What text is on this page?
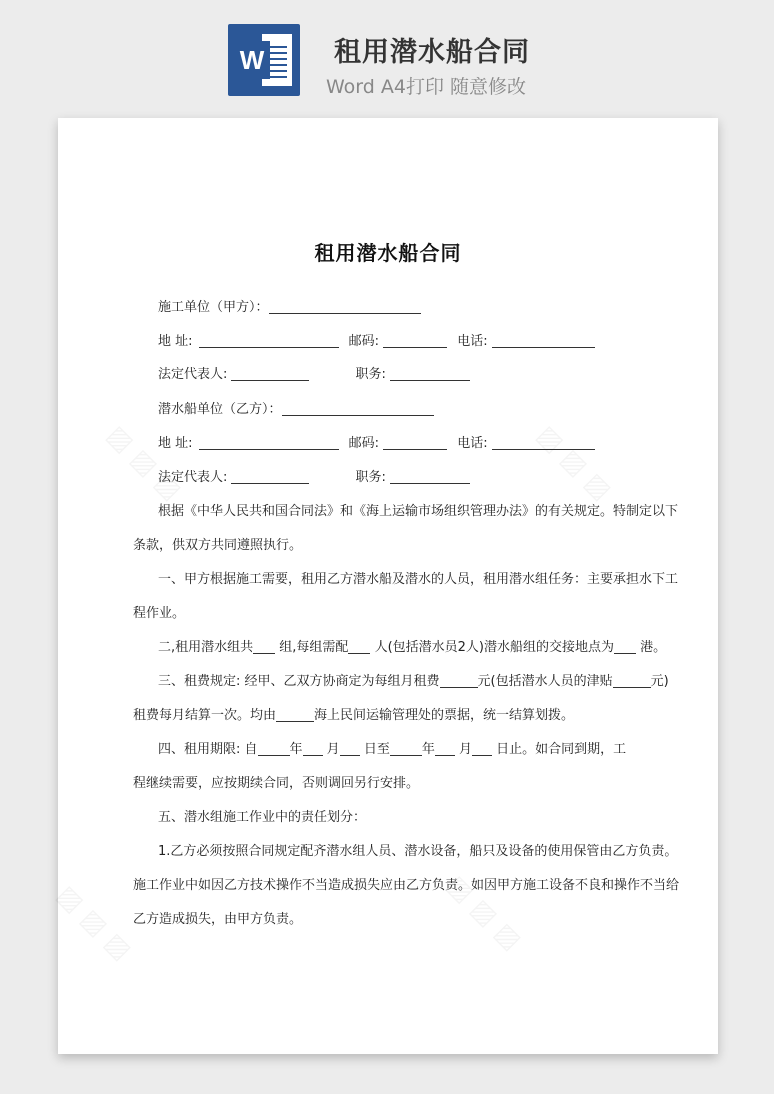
W	租用潜水船合同
Word A4打印 随意修改
租用潜水船合同
施工单位（甲方）：
地 址:	邮码:	电话:
法定代表人:	职务:
潜水船单位（乙方）：
地 址:	邮码:	电话:
法定代表人:	职务:
根据《中华人民共和国合同法》和《海上运输市场组织管理办法》的有关规定。特制定以下
条款，供双方共同遵照执行。
一、甲方根据施工需要，租用乙方潜水船及潜水的人员，租用潜水组任务：主要承担水下工
程作业。
二,租用潜水组共 组,每组需配 人(包括潜水员2人)潜水船组的交接地点为 港。
三、租费规定: 经甲、乙双方协商定为每组月租费	元(包括潜水人员的津贴	元)
租费每月结算一次。均由	海上民间运输管理处的票据，统一结算划拨。
四、租用期限: 自 年 月 日至 年 月 日止。如合同到期，工
程继续需要，应按期续合同，否则调回另行安排。
五、潜水组施工作业中的责任划分：
1.乙方必须按照合同规定配齐潜水组人员、潜水设备，船只及设备的使用保管由乙方负责。
施工作业中如因乙方技术操作不当造成损失应由乙方负责。如因甲方施工设备不良和操作不当给
乙方造成损失，由甲方负责。
